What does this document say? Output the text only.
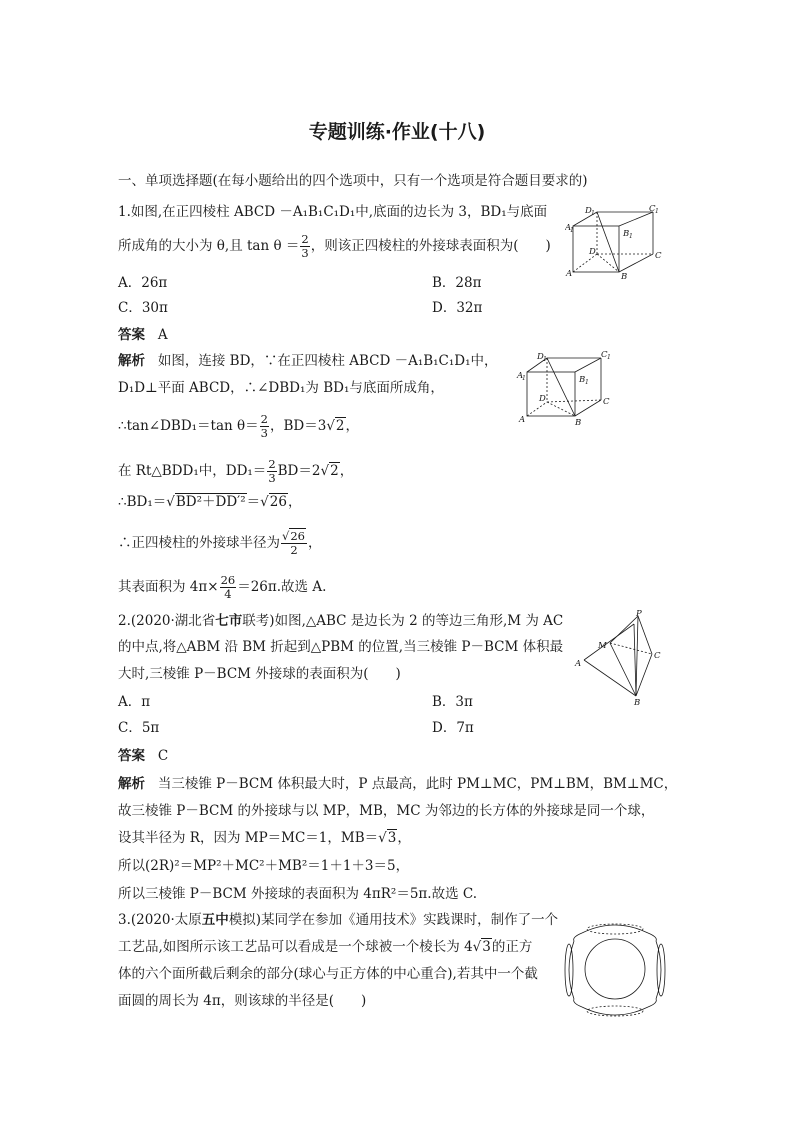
专题训练·作业(十八)
一、单项选择题(在每小题给出的四个选项中，只有一个选项是符合题目要求的)
1.如图,在正四棱柱 ABCD －A₁B₁C₁D₁中,底面的边长为 3，BD₁与底面
所成角的大小为 θ,且 $\tan \theta = \frac{2}{3}$ ，则该正四棱柱的外接球表面积为(　　)
A．26π	B．28π
C．30π	D．32π
答案 A
解析 如图，连接 BD，∵在正四棱柱 ABCD －A₁B₁C₁D₁中，
D₁D⊥平面 ABCD，∴∠DBD₁为 BD₁与底面所成角，
∴tan∠DBD₁＝tan $\theta= \frac{2}{3}$ ，BD＝3√2，
在 Rt△BDD₁中，$DD_1= \frac{2}{3} BD=2√2$，
∴BD₁＝√BD²＋DD′²＝√26，
∴正四棱柱的外接球半径为 $\frac{√26}{2}$ ，
其表面积为 $4\pi\times \frac{26}{4} =26\pi$.故选 A.
2.(2020·湖北省七市联考)如图,△ABC 是边长为 2 的等边三角形,M 为 AC
的中点,将△ABM 沿 BM 折起到△PBM 的位置,当三棱锥 P－BCM 体积最
大时,三棱锥 P－BCM 外接球的表面积为(　　)
A．π	B．3π
C．5π	D．7π
答案 C
解析 当三棱锥 P－BCM 体积最大时，P 点最高，此时 PM⊥MC，PM⊥BM，BM⊥MC，
故三棱锥 P－BCM 的外接球与以 MP，MB，MC 为邻边的长方体的外接球是同一个球，
设其半径为 R，因为 MP＝MC＝1，MB＝√3，
所以(2R)²＝MP²＋MC²＋MB²＝1＋1＋3＝5，
所以三棱锥 P－BCM 外接球的表面积为 4πR²＝5π.故选 C.
3.(2020·太原五中模拟)某同学在参加《通用技术》实践课时，制作了一个
工艺品,如图所示该工艺品可以看成是一个球被一个棱长为 4√3的正方
体的六个面所截后剩余的部分(球心与正方体的中心重合),若其中一个截
面圆的周长为 4π，则该球的半径是(　　)
D 1	C 1
A
1	B 1
D	C
A	B
D 1	C 1
A
1	B 1
D	C
A	B
P
M
A
C
B
